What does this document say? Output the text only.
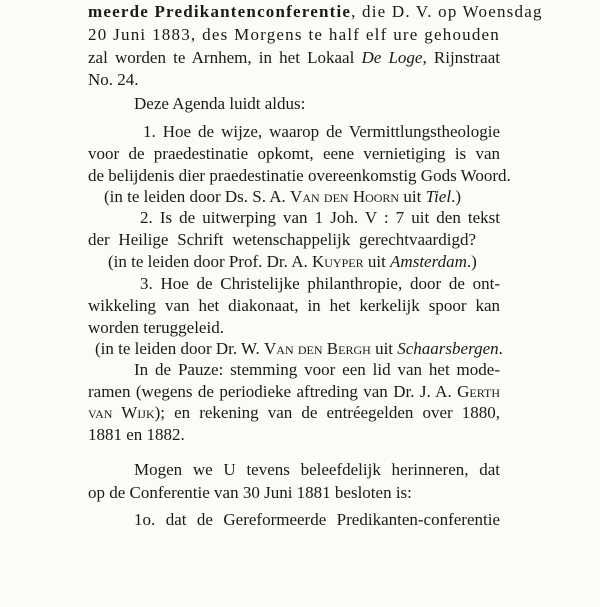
meerde Predikantenconferentie, die D. V. op Woensdag
20 Juni 1883, des Morgens te half elf ure gehouden
zal worden te Arnhem, in het Lokaal De Loge, Rijnstraat
No. 24.
Deze Agenda luidt aldus:
1. Hoe de wijze, waarop de Vermittlungstheologie
voor de praedestinatie opkomt, eene vernietiging is van
de belijdenis dier praedestinatie overeenkomstig Gods Woord.
(in te leiden door Ds. S. A. Van den Hoorn uit Tiel.)
2. Is de uitwerping van 1 Joh. V : 7 uit den tekst
der Heilige Schrift wetenschappelijk gerechtvaardigd?
(in te leiden door Prof. Dr. A. Kuyper uit Amsterdam.)
3. Hoe de Christelijke philanthropie, door de ont-
wikkeling van het diakonaat, in het kerkelijk spoor kan
worden teruggeleid.
(in te leiden door Dr. W. Van den Bergh uit Schaarsbergen.
In de Pauze: stemming voor een lid van het mode-
ramen (wegens de periodieke aftreding van Dr. J. A. Gerth
van Wijk); en rekening van de entréegelden over 1880,
1881 en 1882.
Mogen we U tevens beleefdelijk herinneren, dat
op de Conferentie van 30 Juni 1881 besloten is:
1o. dat de Gereformeerde Predikanten-conferentie
